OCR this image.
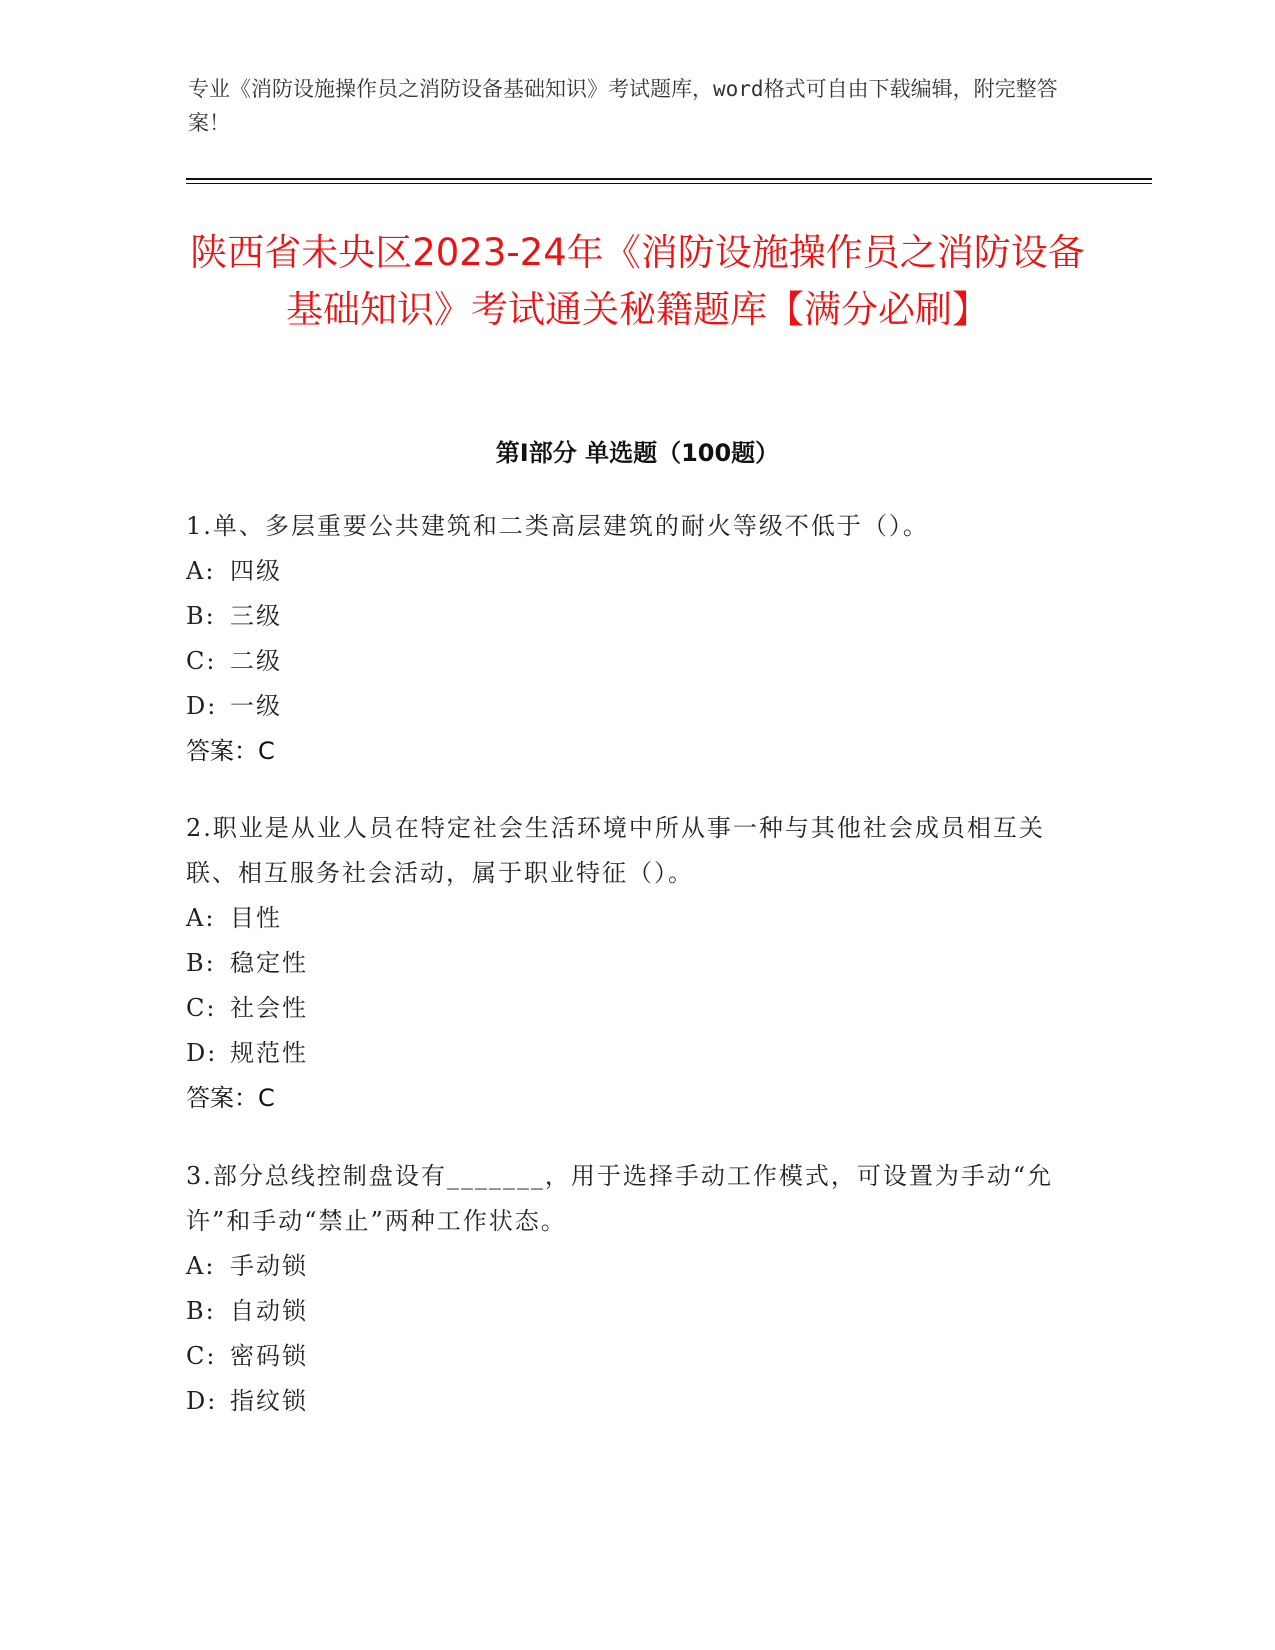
专业《消防设施操作员之消防设备基础知识》考试题库，word格式可自由下载编辑，附完整答案！
陕西省未央区2023-24年《消防设施操作员之消防设备基础知识》考试通关秘籍题库【满分必刷】
第I部分 单选题（100题）
1.单、多层重要公共建筑和二类高层建筑的耐火等级不低于（）。
A: 四级
B: 三级
C: 二级
D: 一级
答案：C
2.职业是从业人员在特定社会生活环境中所从事一种与其他社会成员相互关联、相互服务社会活动，属于职业特征（）。
A: 目性
B: 稳定性
C: 社会性
D: 规范性
答案：C
3.部分总线控制盘设有_______，用于选择手动工作模式，可设置为手动“允许”和手动“禁止”两种工作状态。
A: 手动锁
B: 自动锁
C: 密码锁
D: 指纹锁
